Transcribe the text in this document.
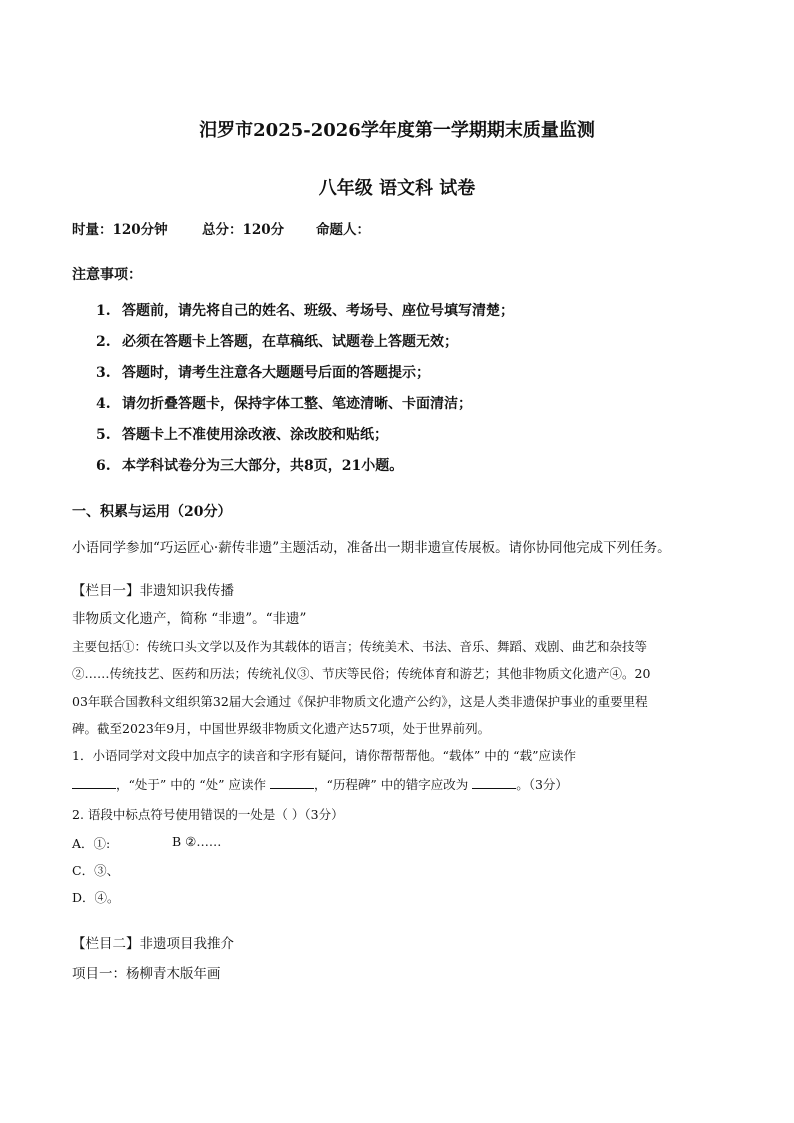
汨罗市2025-2026学年度第一学期期末质量监测
八年级 语文科 试卷
时量：120分钟	总分：120分 命题人：
注意事项：
1. 答题前，请先将自己的姓名、班级、考场号、座位号填写清楚；
2. 必须在答题卡上答题，在草稿纸、试题卷上答题无效；
3. 答题时，请考生注意各大题题号后面的答题提示；
4. 请勿折叠答题卡，保持字体工整、笔迹清晰、卡面清洁；
5. 答题卡上不准使用涂改液、涂改胶和贴纸；
6. 本学科试卷分为三大部分，共8页，21小题。
一、积累与运用（20分）
小语同学参加“巧运匠心·薪传非遗”主题活动，准备出一期非遗宣传展板。请你协同他完成下列任务。
【栏目一】非遗知识我传播
非物质文化遗产，简称 “非遗”。“非遗”
主要包括①：传统口头文学以及作为其载体的语言；传统美术、书法、音乐、舞蹈、戏剧、曲艺和杂技等
②……传统技艺、医药和历法；传统礼仪③、节庆等民俗；传统体育和游艺；其他非物质文化遗产④。20
03年联合国教科文组织第32届大会通过《保护非物质文化遗产公约》，这是人类非遗保护事业的重要里程
碑。截至2023年9月，中国世界级非物质文化遗产达57项，处于世界前列。
1．小语同学对文段中加点字的读音和字形有疑问，请你帮帮帮他。“载体” 中的 “载”应读作
，“处于” 中的 “处” 应读作	，“历程碑” 中的错字应改为	。（3分）
2. 语段中标点符号使用错误的一处是（ ）（3分）
A．①:	B ②……
C．③、
D．④。
【栏目二】非遗项目我推介
项目一：杨柳青木版年画
